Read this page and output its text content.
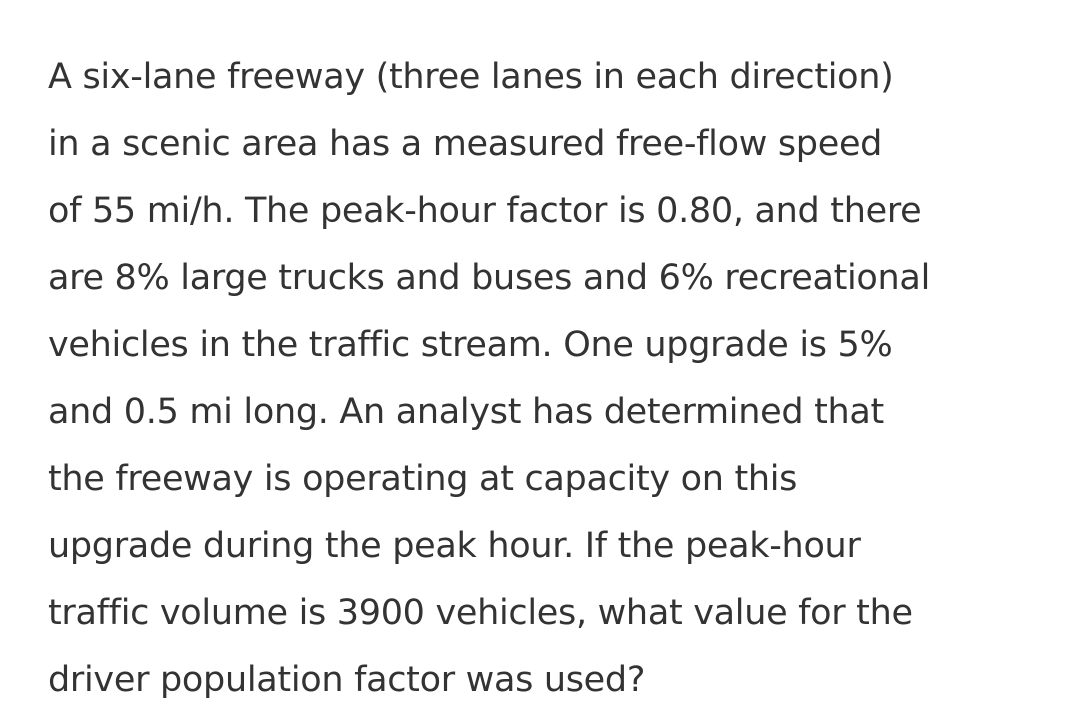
A six-lane freeway (three lanes in each direction)
in a scenic area has a measured free-flow speed
of 55 mi/h. The peak-hour factor is 0.80, and there
are 8% large trucks and buses and 6% recreational
vehicles in the traffic stream. One upgrade is 5%
and 0.5 mi long. An analyst has determined that
the freeway is operating at capacity on this
upgrade during the peak hour. If the peak-hour
traffic volume is 3900 vehicles, what value for the
driver population factor was used?
